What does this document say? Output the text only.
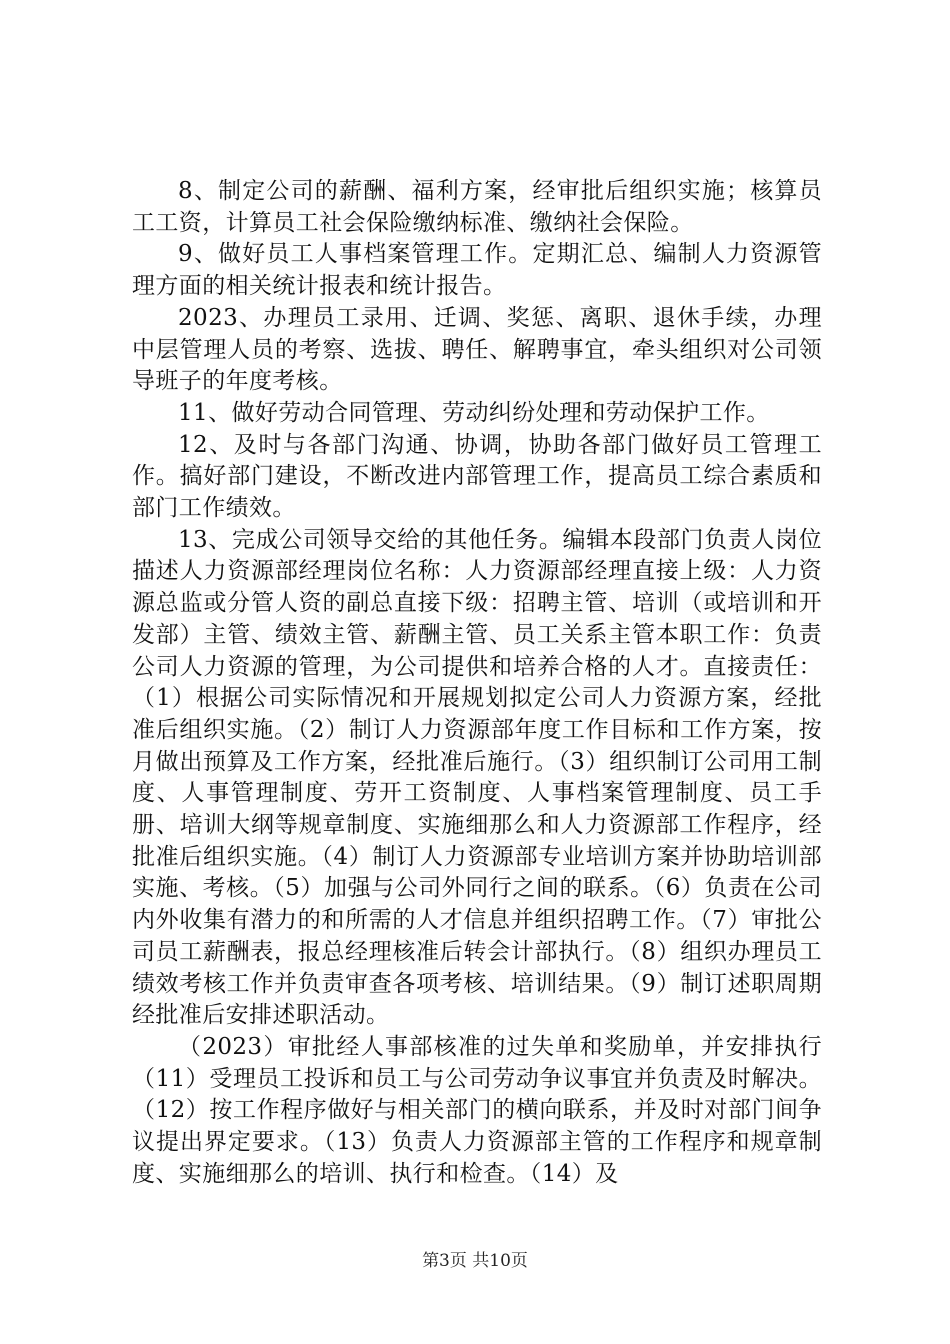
8、制定公司的薪酬、福利方案，经审批后组织实施；核算员工工资，计算员工社会保险缴纳标准、缴纳社会保险。

9、做好员工人事档案管理工作。定期汇总、编制人力资源管理方面的相关统计报表和统计报告。

2023、办理员工录用、迁调、奖惩、离职、退休手续，办理中层管理人员的考察、选拔、聘任、解聘事宜，牵头组织对公司领导班子的年度考核。

11、做好劳动合同管理、劳动纠纷处理和劳动保护工作。

12、及时与各部门沟通、协调，协助各部门做好员工管理工作。搞好部门建设，不断改进内部管理工作，提高员工综合素质和部门工作绩效。

13、完成公司领导交给的其他任务。编辑本段部门负责人岗位描述人力资源部经理岗位名称：人力资源部经理直接上级：人力资源总监或分管人资的副总直接下级：招聘主管、培训（或培训和开发部）主管、绩效主管、薪酬主管、员工关系主管本职工作：负责公司人力资源的管理，为公司提供和培养合格的人才。直接责任：（1）根据公司实际情况和开展规划拟定公司人力资源方案，经批准后组织实施。（2）制订人力资源部年度工作目标和工作方案，按月做出预算及工作方案，经批准后施行。（3）组织制订公司用工制度、人事管理制度、劳开工资制度、人事档案管理制度、员工手册、培训大纲等规章制度、实施细那么和人力资源部工作程序，经批准后组织实施。（4）制订人力资源部专业培训方案并协助培训部实施、考核。（5）加强与公司外同行之间的联系。（6）负责在公司内外收集有潜力的和所需的人才信息并组织招聘工作。（7）审批公司员工薪酬表，报总经理核准后转会计部执行。（8）组织办理员工绩效考核工作并负责审查各项考核、培训结果。（9）制订述职周期经批准后安排述职活动。

（2023）审批经人事部核准的过失单和奖励单，并安排执行（11）受理员工投诉和员工与公司劳动争议事宜并负责及时解决。（12）按工作程序做好与相关部门的横向联系，并及时对部门间争议提出界定要求。（13）负责人力资源部主管的工作程序和规章制度、实施细那么的培训、执行和检查。（14）及

第3页 共10页
